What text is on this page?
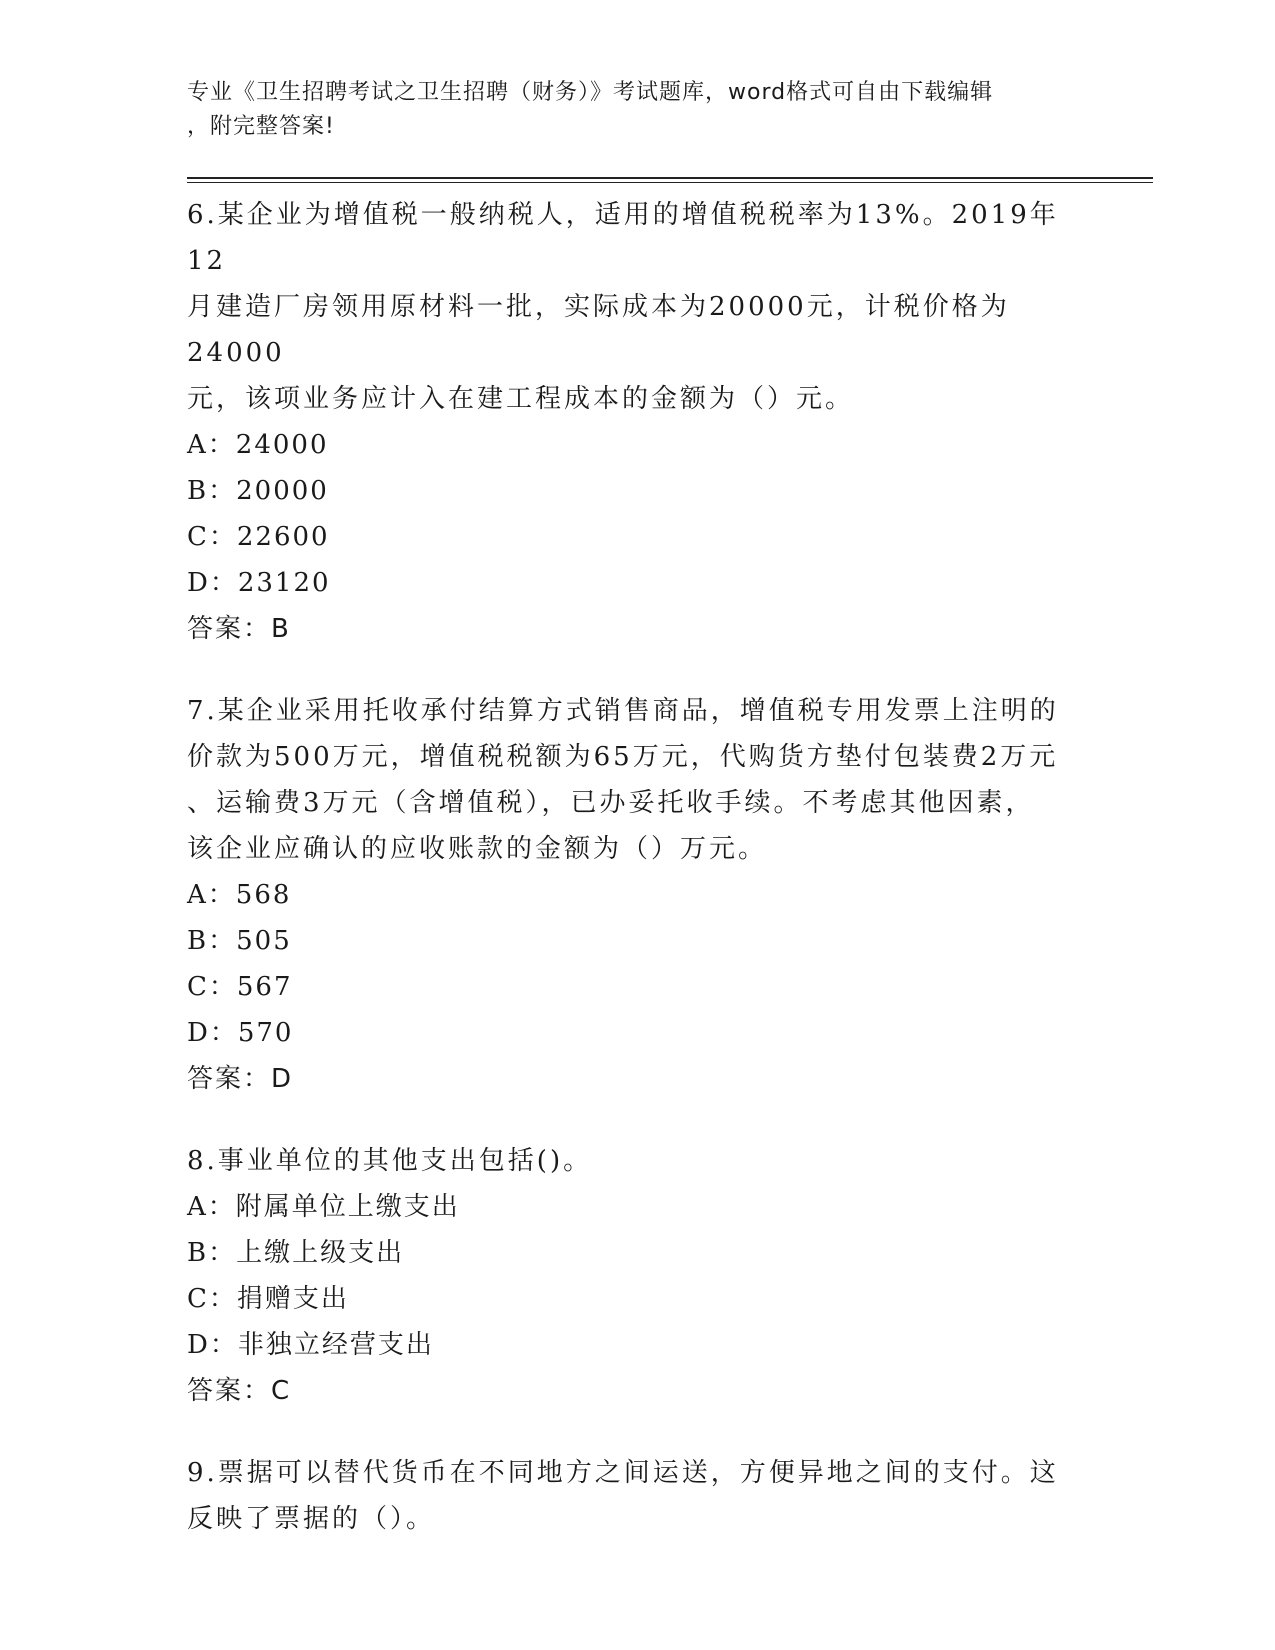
专业《卫生招聘考试之卫生招聘（财务）》考试题库，word格式可自由下载编辑
，附完整答案!

6.某企业为增值税一般纳税人，适用的增值税税率为13%。2019年12

月建造厂房领用原材料一批，实际成本为20000元，计税价格为24000

元，该项业务应计入在建工程成本的金额为（）元。

A：24000

B：20000

C：22600

D：23120

答案：B

7.某企业采用托收承付结算方式销售商品，增值税专用发票上注明的

价款为500万元，增值税税额为65万元，代购货方垫付包装费2万元

、运输费3万元（含增值税），已办妥托收手续。不考虑其他因素，

该企业应确认的应收账款的金额为（）万元。

A：568

B：505

C：567

D：570

答案：D

8.事业单位的其他支出包括()。

A：附属单位上缴支出

B：上缴上级支出

C：捐赠支出

D：非独立经营支出

答案：C

9.票据可以替代货币在不同地方之间运送，方便异地之间的支付。这

反映了票据的（）。
